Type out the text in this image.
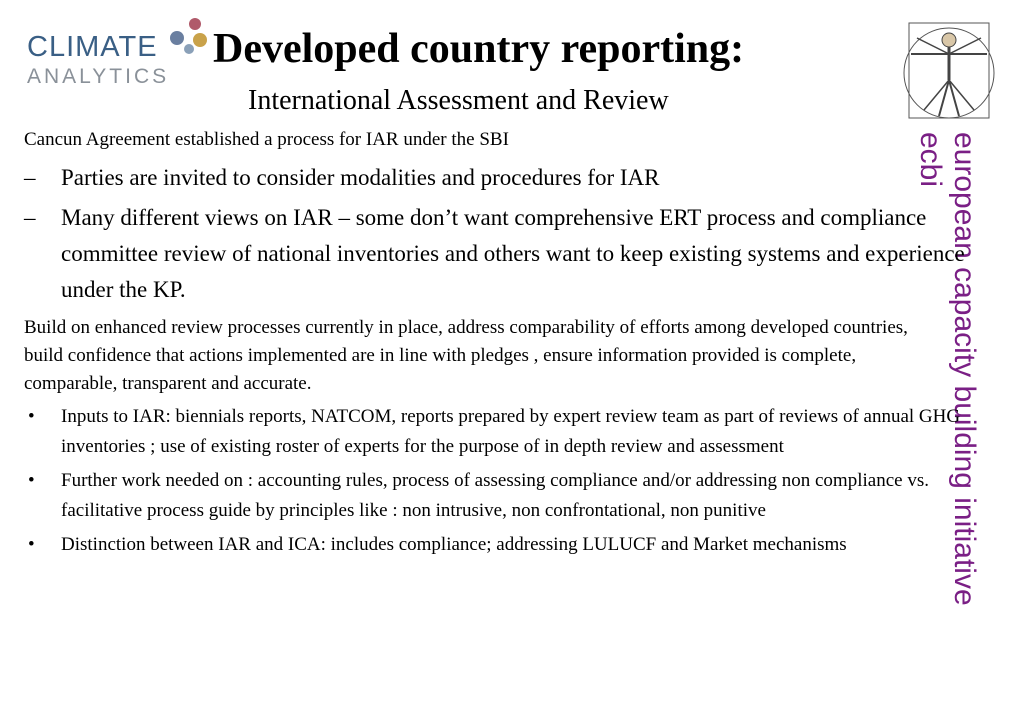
CLIMATE
ANALYTICS
Developed country reporting:
International Assessment and Review
european capacity building initiative
ecbi

Cancun Agreement established a process for IAR under the SBI

– Parties are invited to consider modalities and procedures for IAR
– Many different views on IAR – some don’t want comprehensive ERT process and compliance committee review of national inventories and others want to keep existing systems and experience under the KP.

Build on enhanced review processes currently in place, address comparability of efforts among developed countries, build confidence that actions implemented are in line with pledges , ensure information provided is complete, comparable, transparent and accurate.

• Inputs to IAR: biennials reports, NATCOM, reports prepared by expert review team as part of reviews of annual GHG inventories ; use of existing roster of experts for the purpose of in depth review and assessment
• Further work needed on : accounting rules, process of assessing compliance and/or addressing non compliance vs. facilitative process guide by principles like : non intrusive, non confrontational, non punitive
• Distinction between IAR and ICA: includes compliance; addressing LULUCF and Market mechanisms
